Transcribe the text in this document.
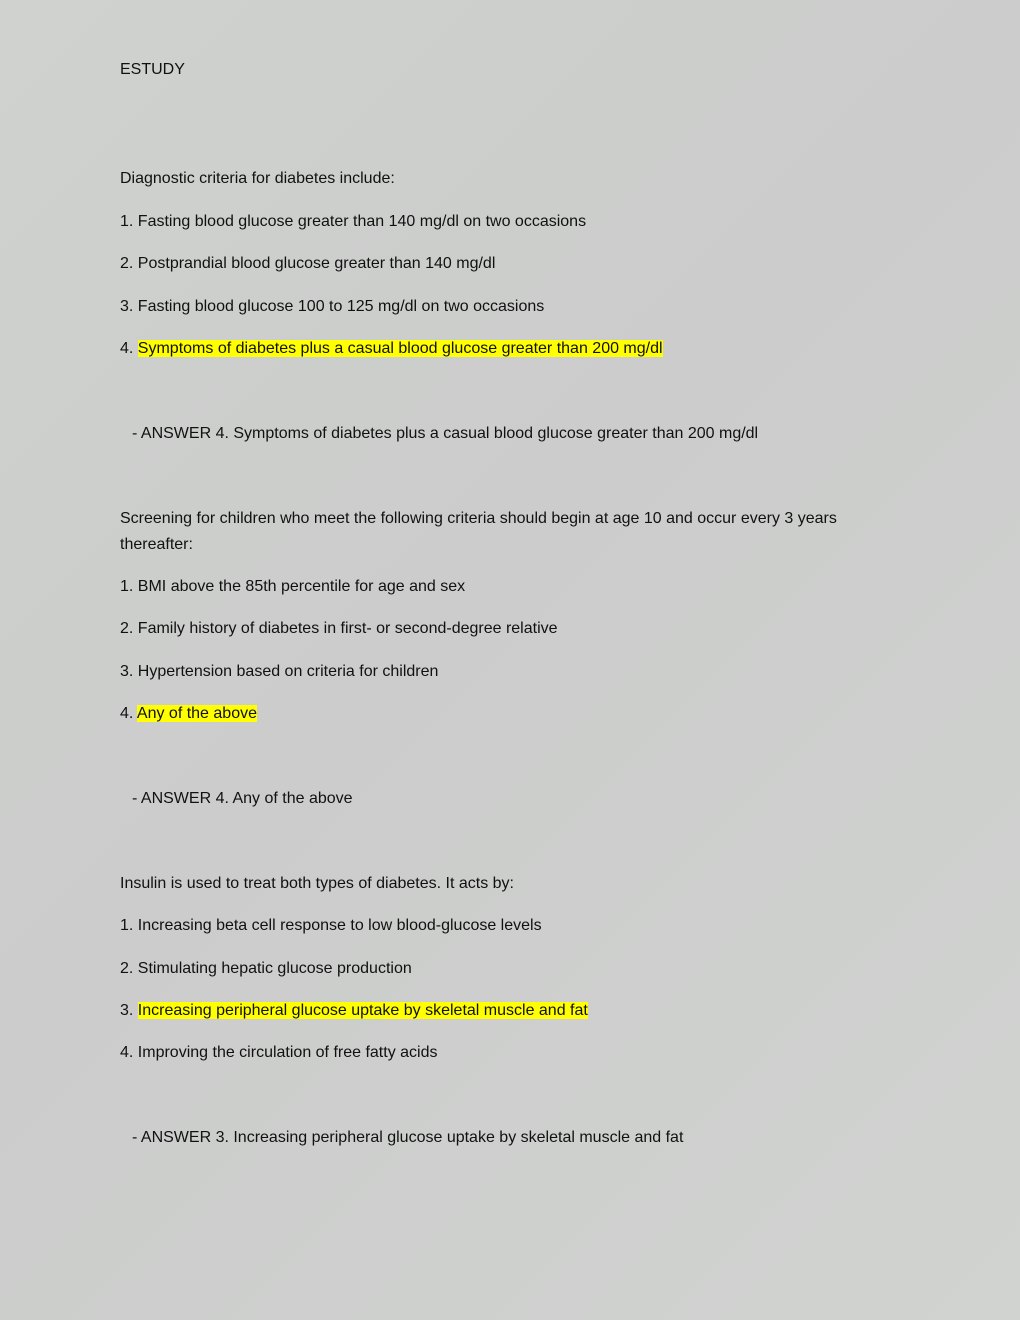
ESTUDY
Diagnostic criteria for diabetes include:
1. Fasting blood glucose greater than 140 mg/dl on two occasions
2. Postprandial blood glucose greater than 140 mg/dl
3. Fasting blood glucose 100 to 125 mg/dl on two occasions
4. Symptoms of diabetes plus a casual blood glucose greater than 200 mg/dl
- ANSWER 4. Symptoms of diabetes plus a casual blood glucose greater than 200 mg/dl
Screening for children who meet the following criteria should begin at age 10 and occur every 3 years thereafter:
1. BMI above the 85th percentile for age and sex
2. Family history of diabetes in first- or second-degree relative
3. Hypertension based on criteria for children
4. Any of the above
- ANSWER 4. Any of the above
Insulin is used to treat both types of diabetes. It acts by:
1. Increasing beta cell response to low blood-glucose levels
2. Stimulating hepatic glucose production
3. Increasing peripheral glucose uptake by skeletal muscle and fat
4. Improving the circulation of free fatty acids
- ANSWER 3. Increasing peripheral glucose uptake by skeletal muscle and fat
